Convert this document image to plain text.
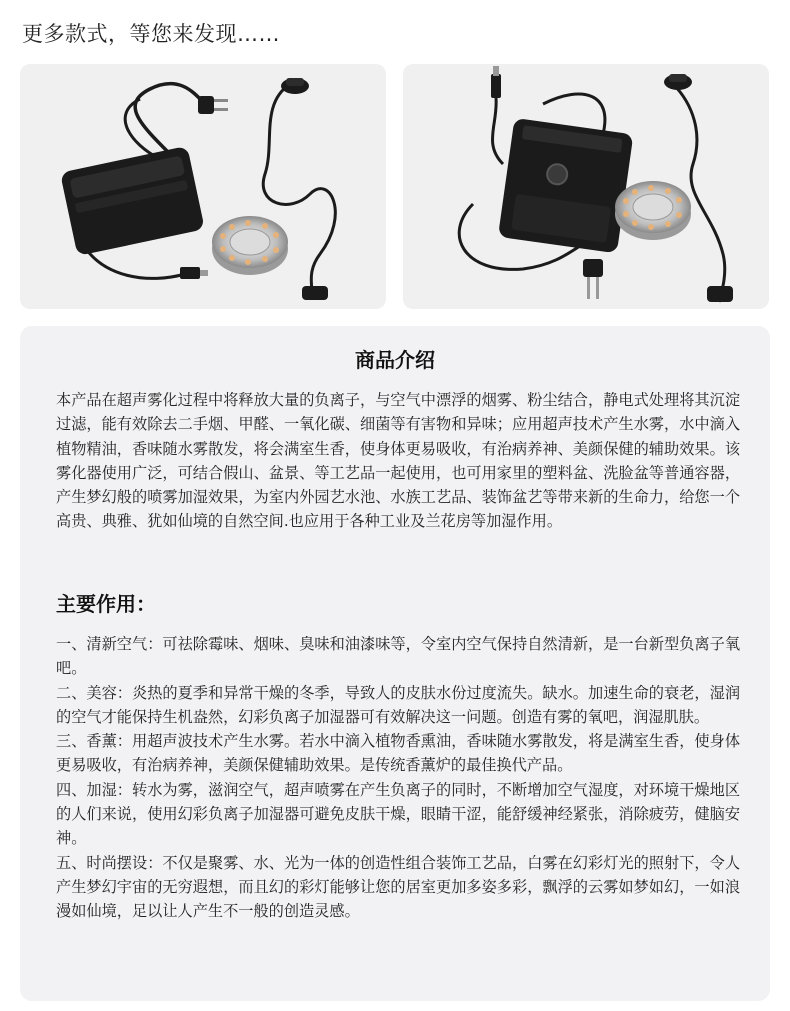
更多款式，等您来发现……
商品介绍
本产品在超声雾化过程中将释放大量的负离子，与空气中漂浮的烟雾、粉尘结合，静电式处理将其沉淀过滤，能有效除去二手烟、甲醛、一氧化碳、细菌等有害物和异味；应用超声技术产生水雾，水中滴入植物精油，香味随水雾散发，将会满室生香，使身体更易吸收，有治病养神、美颜保健的辅助效果。该雾化器使用广泛，可结合假山、盆景、等工艺品一起使用，也可用家里的塑料盆、洗脸盆等普通容器，产生梦幻般的喷雾加湿效果，为室内外园艺水池、水族工艺品、装饰盆艺等带来新的生命力，给您一个高贵、典雅、犹如仙境的自然空间.也应用于各种工业及兰花房等加湿作用。
主要作用：

一、清新空气：可祛除霉味、烟味、臭味和油漆味等，令室内空气保持自然清新，是一台新型负离子氧吧。

二、美容：炎热的夏季和异常干燥的冬季，导致人的皮肤水份过度流失。缺水。加速生命的衰老，湿润的空气才能保持生机盎然，幻彩负离子加湿器可有效解决这一问题。创造有雾的氧吧，润湿肌肤。

三、香薰：用超声波技术产生水雾。若水中滴入植物香熏油，香味随水雾散发，将是满室生香，使身体更易吸收，有治病养神，美颜保健辅助效果。是传统香薰炉的最佳换代产品。

四、加湿：转水为雾，滋润空气，超声喷雾在产生负离子的同时，不断增加空气湿度，对环境干燥地区的人们来说，使用幻彩负离子加湿器可避免皮肤干燥，眼睛干涩，能舒缓神经紧张，消除疲劳，健脑安神。

五、时尚摆设：不仅是聚雾、水、光为一体的创造性组合装饰工艺品，白雾在幻彩灯光的照射下，令人产生梦幻宇宙的无穷遐想，而且幻的彩灯能够让您的居室更加多姿多彩，飘浮的云雾如梦如幻，一如浪漫如仙境，足以让人产生不一般的创造灵感。
